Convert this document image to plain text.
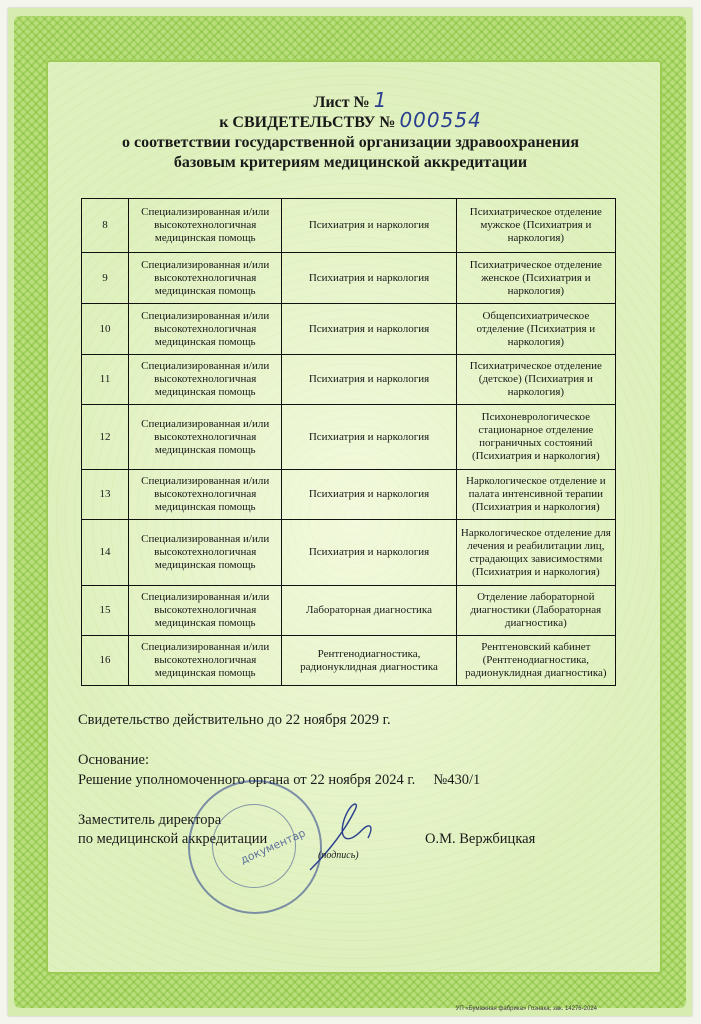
Лист № 1
к СВИДЕТЕЛЬСТВУ № 000554
о соответствии государственной организации здравоохранения
базовым критериям медицинской аккредитации
8	Специализированная и/или высокотехнологичная медицинская помощь	Психиатрия и наркология	Психиатрическое отделение мужское (Психиатрия и наркология)
9	Специализированная и/или высокотехнологичная медицинская помощь	Психиатрия и наркология	Психиатрическое отделение женское (Психиатрия и наркология)
10	Специализированная и/или высокотехнологичная медицинская помощь	Психиатрия и наркология	Общепсихиатрическое отделение (Психиатрия и наркология)
11	Специализированная и/или высокотехнологичная медицинская помощь	Психиатрия и наркология	Психиатрическое отделение (детское) (Психиатрия и наркология)
12	Специализированная и/или высокотехнологичная медицинская помощь	Психиатрия и наркология	Психоневрологическое стационарное отделение пограничных состояний (Психиатрия и наркология)
13	Специализированная и/или высокотехнологичная медицинская помощь	Психиатрия и наркология	Наркологическое отделение и палата интенсивной терапии (Психиатрия и наркология)
14	Специализированная и/или высокотехнологичная медицинская помощь	Психиатрия и наркология	Наркологическое отделение для лечения и реабилитации лиц, страдающих зависимостями (Психиатрия и наркология)
15	Специализированная и/или высокотехнологичная медицинская помощь	Лабораторная диагностика	Отделение лабораторной диагностики (Лабораторная диагностика)
16	Специализированная и/или высокотехнологичная медицинская помощь	Рентгенодиагностика, радионуклидная диагностика	Рентгеновский кабинет (Рентгенодиагностика, радионуклидная диагностика)
Свидетельство действительно до 22 ноября 2029 г.
Основание:
Решение уполномоченного органа от 22 ноября 2024 г. №430/1
Заместитель директора
по медицинской аккредитации
документар (подпись)
О.М. Вержбицкая
УП «Бумажная фабрика» Гознака, зак. 14276-2024
